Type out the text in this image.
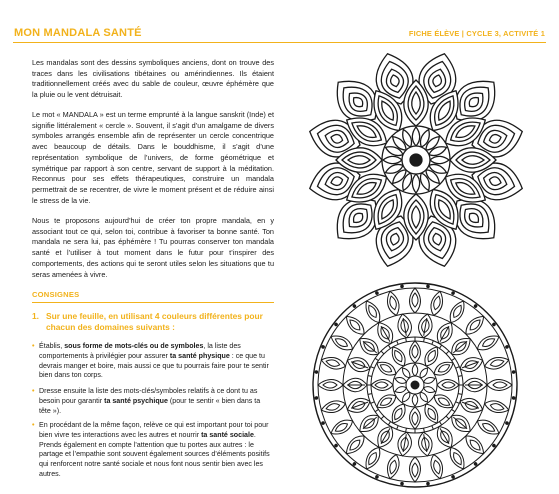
MON MANDALA SANTÉ	FICHE ÉLÈVE | CYCLE 3, ACTIVITÉ 1

Les mandalas sont des dessins symboliques anciens, dont on trouve des traces dans les civilisations tibétaines ou amérindiennes. Ils étaient traditionnellement créés avec du sable de couleur, œuvre éphémère que la pluie ou le vent détruisait.

Le mot « MANDALA » est un terme emprunté à la langue sanskrit (Inde) et signifie littéralement « cercle ». Souvent, il s’agit d’un amalgame de divers symboles arrangés ensemble afin de représenter un cercle concentrique avec beaucoup de détails. Dans le bouddhisme, il s’agit d’une représentation symbolique de l’univers, de forme géométrique et symétrique par rapport à son centre, servant de support à la méditation. Reconnus pour ses effets thérapeutiques, construire un mandala permettrait de se recentrer, de vivre le moment présent et de réduire ainsi le stress de la vie.

Nous te proposons aujourd’hui de créer ton propre mandala, en y associant tout ce qui, selon toi, contribue à favoriser ta bonne santé. Ton mandala ne sera lui, pas éphémère ! Tu pourras conserver ton mandala santé et l’utiliser à tout moment dans le futur pour t’inspirer des comportements, des actions qui te seront utiles selon les situations que tu seras amenées à vivre.

CONSIGNES
1. Sur une feuille, en utilisant 4 couleurs différentes pour
chacun des domaines suivants :
• Établis, sous forme de mots-clés ou de symboles, la liste des comportements à privilégier pour assurer ta santé physique : ce que tu devrais manger et boire, mais aussi ce que tu pourrais faire pour te sentir bien dans ton corps.
• Dresse ensuite la liste des mots-clés/symboles relatifs à ce dont tu as besoin pour garantir ta santé psychique (pour te sentir « bien dans ta tête »).
• En procédant de la même façon, relève ce qui est important pour toi pour bien vivre tes interactions avec les autres et nourrir ta santé sociale. Prends également en compte l’attention que tu portes aux autres : le partage et l’empathie sont souvent également sources d’éléments positifs qui renforcent notre santé sociale et nous font nous sentir bien avec les autres.
